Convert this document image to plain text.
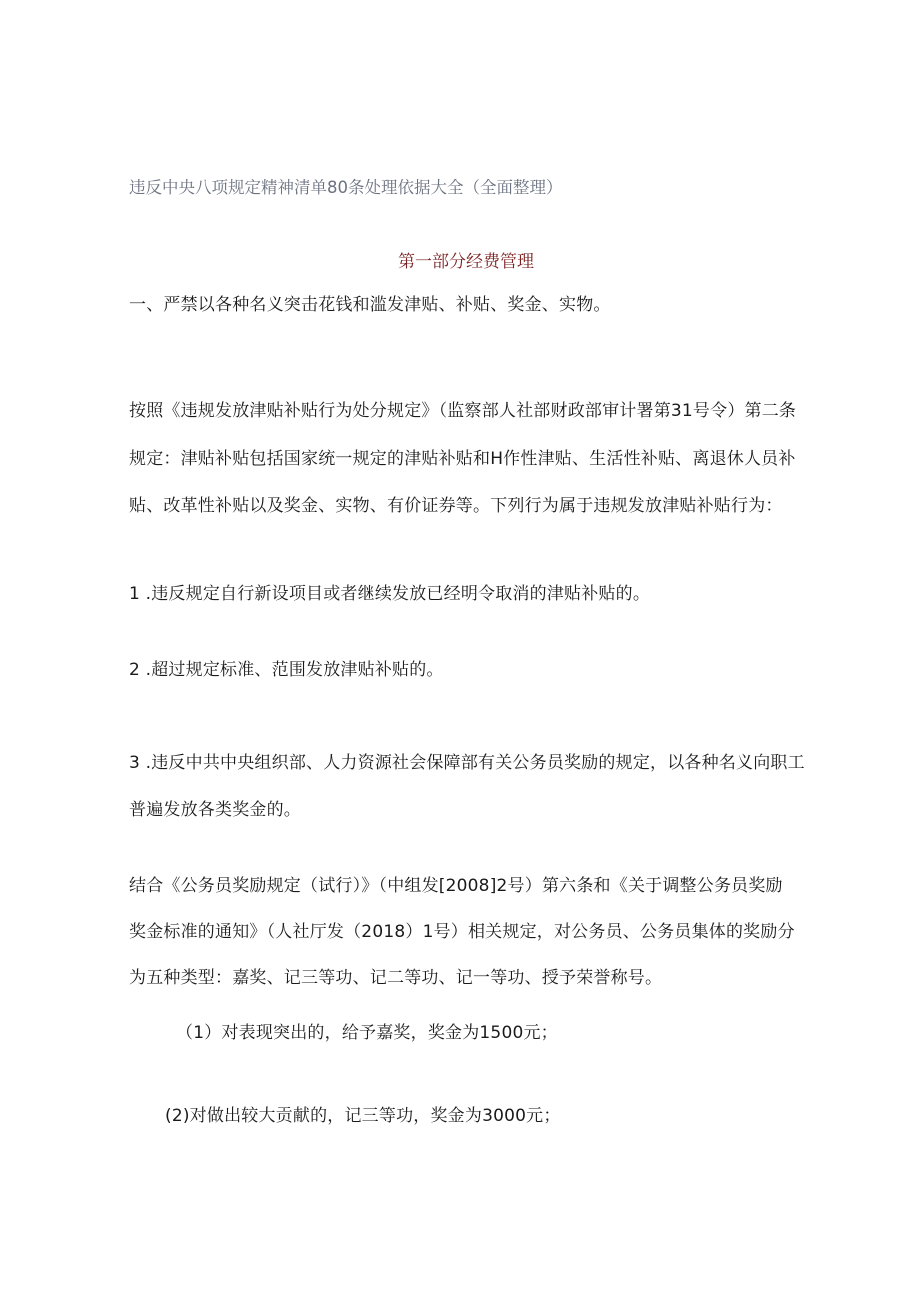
违反中央八项规定精神清单80条处理依据大全（全面整理）
第一部分经费管理

一、严禁以各种名义突击花钱和滥发津贴、补贴、奖金、实物。

按照《违规发放津贴补贴行为处分规定》（监察部人社部财政部审计署第31号令）第二条

规定：津贴补贴包括国家统一规定的津贴补贴和H作性津贴、生活性补贴、离退休人员补

贴、改革性补贴以及奖金、实物、有价证券等。下列行为属于违规发放津贴补贴行为：

1 .违反规定自行新设项目或者继续发放已经明令取消的津贴补贴的。

2 .超过规定标准、范围发放津贴补贴的。

3 .违反中共中央组织部、人力资源社会保障部有关公务员奖励的规定，以各种名义向职工

普遍发放各类奖金的。

结合《公务员奖励规定（试行）》（中组发[2008]2号）第六条和《关于调整公务员奖励

奖金标准的通知》（人社厅发（2018）1号）相关规定，对公务员、公务员集体的奖励分

为五种类型：嘉奖、记三等功、记二等功、记一等功、授予荣誉称号。

（1）对表现突出的，给予嘉奖，奖金为1500元；

(2)对做出较大贡献的，记三等功，奖金为3000元；
